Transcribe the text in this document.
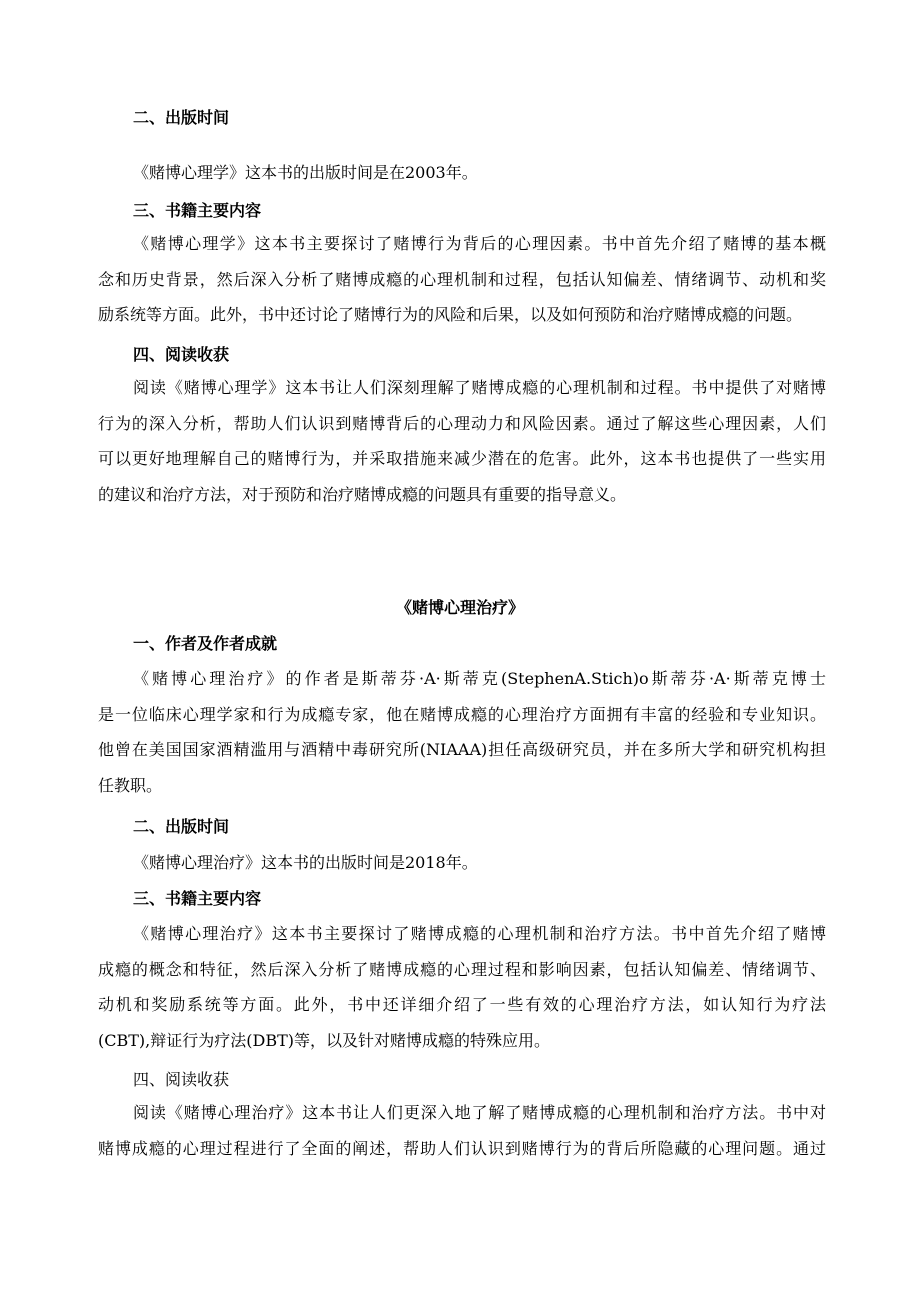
二、出版时间
《赌博心理学》这本书的出版时间是在2003年。
三、书籍主要内容
《赌博心理学》这本书主要探讨了赌博行为背后的心理因素。书中首先介绍了赌博的基本概
念和历史背景，然后深入分析了赌博成瘾的心理机制和过程，包括认知偏差、情绪调节、动机和奖
励系统等方面。此外，书中还讨论了赌博行为的风险和后果，以及如何预防和治疗赌博成瘾的问题。
四、阅读收获
阅读《赌博心理学》这本书让人们深刻理解了赌博成瘾的心理机制和过程。书中提供了对赌博
行为的深入分析，帮助人们认识到赌博背后的心理动力和风险因素。通过了解这些心理因素，人们
可以更好地理解自己的赌博行为，并采取措施来减少潜在的危害。此外，这本书也提供了一些实用
的建议和治疗方法，对于预防和治疗赌博成瘾的问题具有重要的指导意义。
《赌博心理治疗》
一、作者及作者成就
《赌博心理治疗》的作者是斯蒂芬·A·斯蒂克(StephenA.Stich)o斯蒂芬·A·斯蒂克博士
是一位临床心理学家和行为成瘾专家，他在赌博成瘾的心理治疗方面拥有丰富的经验和专业知识。
他曾在美国国家酒精滥用与酒精中毒研究所(NIAAA)担任高级研究员，并在多所大学和研究机构担
任教职。
二、出版时间
《赌博心理治疗》这本书的出版时间是2018年。
三、书籍主要内容
《赌博心理治疗》这本书主要探讨了赌博成瘾的心理机制和治疗方法。书中首先介绍了赌博
成瘾的概念和特征，然后深入分析了赌博成瘾的心理过程和影响因素，包括认知偏差、情绪调节、
动机和奖励系统等方面。此外，书中还详细介绍了一些有效的心理治疗方法，如认知行为疗法
(CBT),辩证行为疗法(DBT)等，以及针对赌博成瘾的特殊应用。
四、阅读收获
阅读《赌博心理治疗》这本书让人们更深入地了解了赌博成瘾的心理机制和治疗方法。书中对
赌博成瘾的心理过程进行了全面的阐述，帮助人们认识到赌博行为的背后所隐藏的心理问题。通过
